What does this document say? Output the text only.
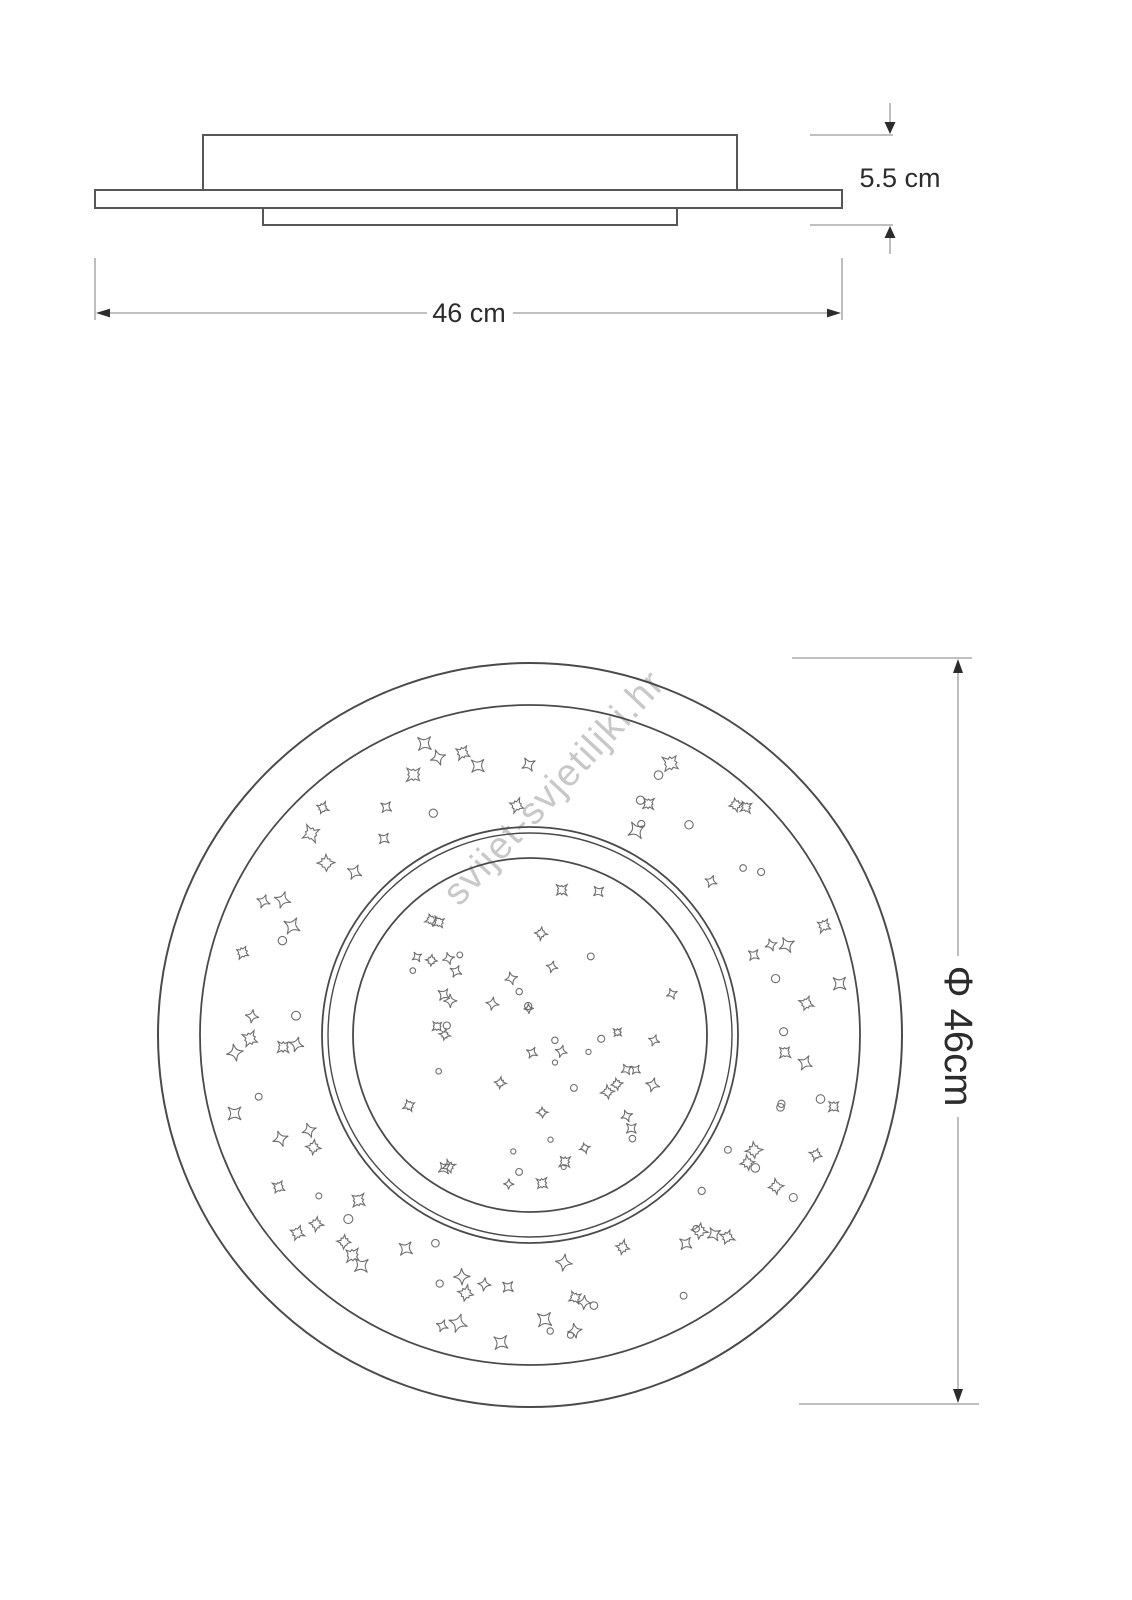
svijet-svjetiljki.hr
5.5 cm
46 cm
Φ 46cm
